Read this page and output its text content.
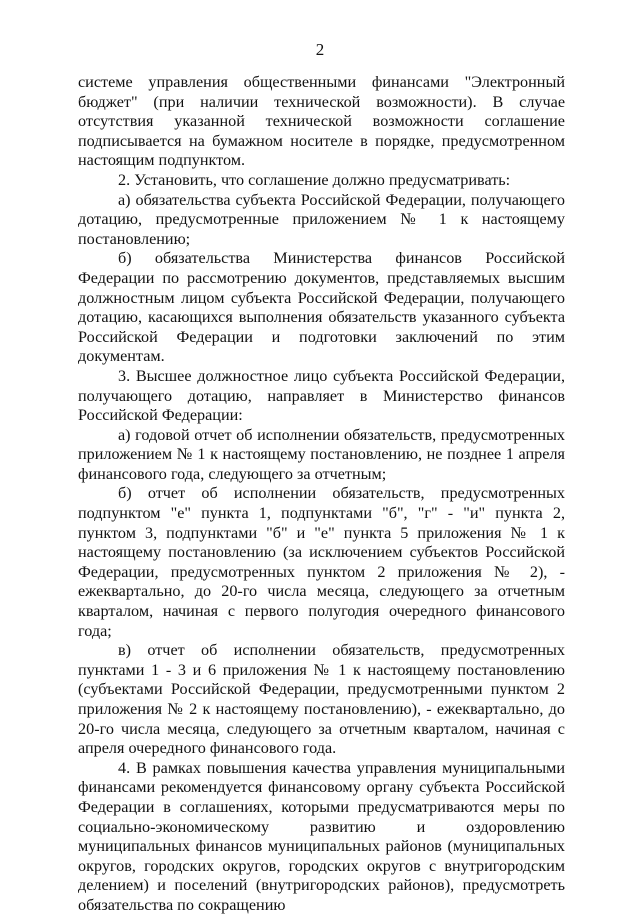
2

системе управления общественными финансами "Электронный бюджет" (при наличии технической возможности). В случае отсутствия указанной технической возможности соглашение подписывается на бумажном носителе в порядке, предусмотренном настоящим подпунктом.

2. Установить, что соглашение должно предусматривать:

а) обязательства субъекта Российской Федерации, получающего дотацию, предусмотренные приложением № 1 к настоящему постановлению;

б) обязательства Министерства финансов Российской Федерации по рассмотрению документов, представляемых высшим должностным лицом субъекта Российской Федерации, получающего дотацию, касающихся выполнения обязательств указанного субъекта Российской Федерации и подготовки заключений по этим документам.

3. Высшее должностное лицо субъекта Российской Федерации, получающего дотацию, направляет в Министерство финансов Российской Федерации:

а) годовой отчет об исполнении обязательств, предусмотренных приложением № 1 к настоящему постановлению, не позднее 1 апреля финансового года, следующего за отчетным;

б) отчет об исполнении обязательств, предусмотренных подпунктом "е" пункта 1, подпунктами "б", "г" - "и" пункта 2, пунктом 3, подпунктами "б" и "е" пункта 5 приложения № 1 к настоящему постановлению (за исключением субъектов Российской Федерации, предусмотренных пунктом 2 приложения № 2), - ежеквартально, до 20-го числа месяца, следующего за отчетным кварталом, начиная с первого полугодия очередного финансового года;

в) отчет об исполнении обязательств, предусмотренных пунктами 1 - 3 и 6 приложения № 1 к настоящему постановлению (субъектами Российской Федерации, предусмотренными пунктом 2 приложения № 2 к настоящему постановлению), - ежеквартально, до 20-го числа месяца, следующего за отчетным кварталом, начиная с апреля очередного финансового года.

4. В рамках повышения качества управления муниципальными финансами рекомендуется финансовому органу субъекта Российской Федерации в соглашениях, которыми предусматриваются меры по социально-экономическому развитию и оздоровлению муниципальных финансов муниципальных районов (муниципальных округов, городских округов, городских округов с внутригородским делением) и поселений (внутригородских районов), предусмотреть обязательства по сокращению
